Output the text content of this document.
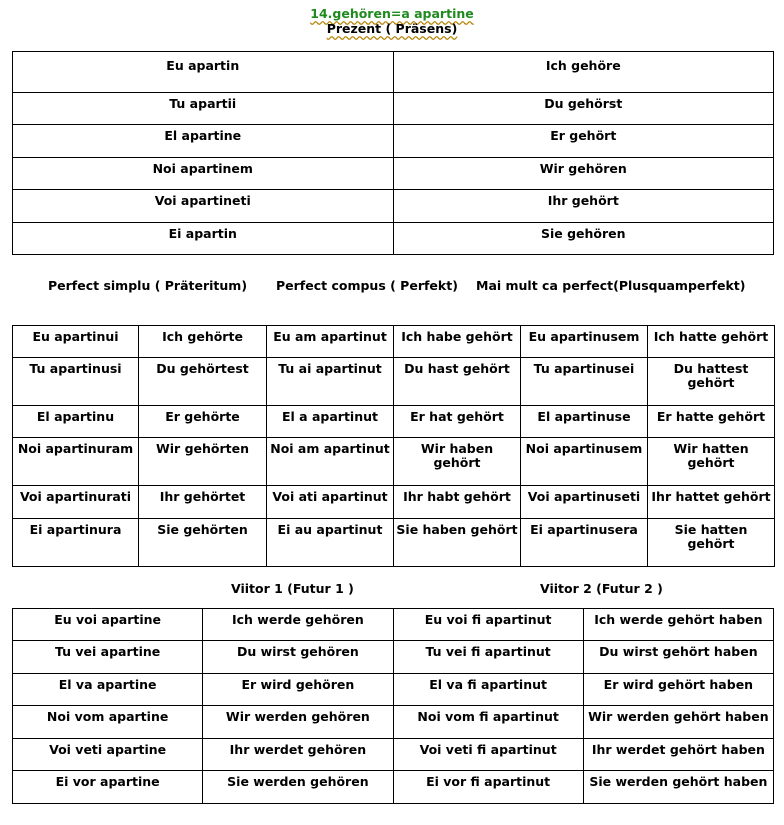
14.gehören=a apartine
Prezent ( Präsens)
Eu apartin	Ich gehöre
Tu apartii	Du gehörst
El apartine	Er gehört
Noi apartinem	Wir gehören
Voi apartineti	Ihr gehört
Ei apartin	Sie gehören
Perfect simplu ( Präteritum) Perfect compus ( Perfekt) Mai mult ca perfect(Plusquamperfekt)
Eu apartinui	Ich gehörte	Eu am apartinut	Ich habe gehört	Eu apartinusem	Ich hatte gehört
Tu apartinusi	Du gehörtest	Tu ai apartinut	Du hast gehört	Tu apartinusei	Du hattest gehört
El apartinu	Er gehörte	El a apartinut	Er hat gehört	El apartinuse	Er hatte gehört
Noi apartinuram	Wir gehörten	Noi am apartinut	Wir haben gehört	Noi apartinusem	Wir hatten gehört
Voi apartinurati	Ihr gehörtet	Voi ati apartinut	Ihr habt gehört	Voi apartinuseti	Ihr hattet gehört
Ei apartinura	Sie gehörten	Ei au apartinut	Sie haben gehört	Ei apartinusera	Sie hatten gehört
Viitor 1 (Futur 1 )	Viitor 2 (Futur 2 )
Eu voi apartine	Ich werde gehören	Eu voi fi apartinut	Ich werde gehört haben
Tu vei apartine	Du wirst gehören	Tu vei fi apartinut	Du wirst gehört haben
El va apartine	Er wird gehören	El va fi apartinut	Er wird gehört haben
Noi vom apartine	Wir werden gehören	Noi vom fi apartinut	Wir werden gehört haben
Voi veti apartine	Ihr werdet gehören	Voi veti fi apartinut	Ihr werdet gehört haben
Ei vor apartine	Sie werden gehören	Ei vor fi apartinut	Sie werden gehört haben
